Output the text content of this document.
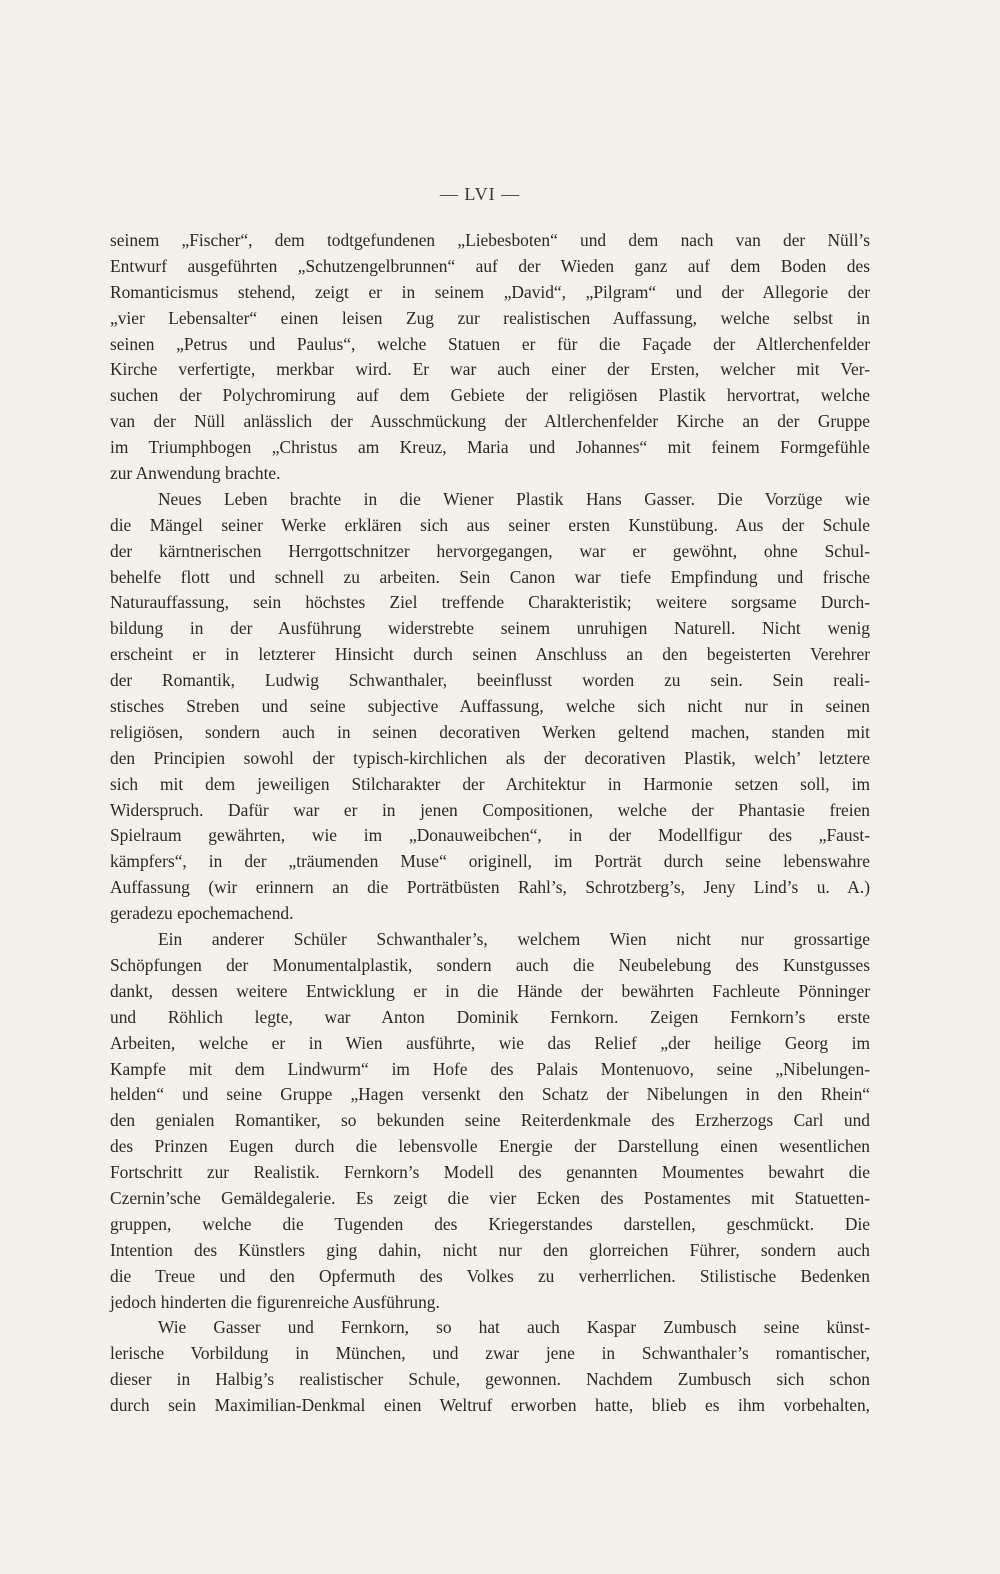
— LVI —
seinem „Fischer“, dem todtgefundenen „Liebesboten“ und dem nach van der Nüll’s
Entwurf ausgeführten „Schutzengelbrunnen“ auf der Wieden ganz auf dem Boden des
Romanticismus stehend, zeigt er in seinem „David“, „Pilgram“ und der Allegorie der
„vier Lebensalter“ einen leisen Zug zur realistischen Auffassung, welche selbst in
seinen „Petrus und Paulus“, welche Statuen er für die Façade der Altlerchenfelder
Kirche verfertigte, merkbar wird. Er war auch einer der Ersten, welcher mit Ver-
suchen der Polychromirung auf dem Gebiete der religiösen Plastik hervortrat, welche
van der Nüll anlässlich der Ausschmückung der Altlerchenfelder Kirche an der Gruppe
im Triumphbogen „Christus am Kreuz, Maria und Johannes“ mit feinem Formgefühle
zur Anwendung brachte.
Neues Leben brachte in die Wiener Plastik Hans Gasser. Die Vorzüge wie
die Mängel seiner Werke erklären sich aus seiner ersten Kunstübung. Aus der Schule
der kärntnerischen Herrgottschnitzer hervorgegangen, war er gewöhnt, ohne Schul-
behelfe flott und schnell zu arbeiten. Sein Canon war tiefe Empfindung und frische
Naturauffassung, sein höchstes Ziel treffende Charakteristik; weitere sorgsame Durch-
bildung in der Ausführung widerstrebte seinem unruhigen Naturell. Nicht wenig
erscheint er in letzterer Hinsicht durch seinen Anschluss an den begeisterten Verehrer
der Romantik, Ludwig Schwanthaler, beeinflusst worden zu sein. Sein reali-
stisches Streben und seine subjective Auffassung, welche sich nicht nur in seinen
religiösen, sondern auch in seinen decorativen Werken geltend machen, standen mit
den Principien sowohl der typisch-kirchlichen als der decorativen Plastik, welch’ letztere
sich mit dem jeweiligen Stilcharakter der Architektur in Harmonie setzen soll, im
Widerspruch. Dafür war er in jenen Compositionen, welche der Phantasie freien
Spielraum gewährten, wie im „Donauweibchen“, in der Modellfigur des „Faust-
kämpfers“, in der „träumenden Muse“ originell, im Porträt durch seine lebenswahre
Auffassung (wir erinnern an die Porträtbüsten Rahl’s, Schrotzberg’s, Jeny Lind’s u. A.)
geradezu epochemachend.
Ein anderer Schüler Schwanthaler’s, welchem Wien nicht nur grossartige
Schöpfungen der Monumentalplastik, sondern auch die Neubelebung des Kunstgusses
dankt, dessen weitere Entwicklung er in die Hände der bewährten Fachleute Pönninger
und Röhlich legte, war Anton Dominik Fernkorn. Zeigen Fernkorn’s erste
Arbeiten, welche er in Wien ausführte, wie das Relief „der heilige Georg im
Kampfe mit dem Lindwurm“ im Hofe des Palais Montenuovo, seine „Nibelungen-
helden“ und seine Gruppe „Hagen versenkt den Schatz der Nibelungen in den Rhein“
den genialen Romantiker, so bekunden seine Reiterdenkmale des Erzherzogs Carl und
des Prinzen Eugen durch die lebensvolle Energie der Darstellung einen wesentlichen
Fortschritt zur Realistik. Fernkorn’s Modell des genannten Moumentes bewahrt die
Czernin’sche Gemäldegalerie. Es zeigt die vier Ecken des Postamentes mit Statuetten-
gruppen, welche die Tugenden des Kriegerstandes darstellen, geschmückt. Die
Intention des Künstlers ging dahin, nicht nur den glorreichen Führer, sondern auch
die Treue und den Opfermuth des Volkes zu verherrlichen. Stilistische Bedenken
jedoch hinderten die figurenreiche Ausführung.
Wie Gasser und Fernkorn, so hat auch Kaspar Zumbusch seine künst-
lerische Vorbildung in München, und zwar jene in Schwanthaler’s romantischer,
dieser in Halbig’s realistischer Schule, gewonnen. Nachdem Zumbusch sich schon
durch sein Maximilian-Denkmal einen Weltruf erworben hatte, blieb es ihm vorbehalten,
